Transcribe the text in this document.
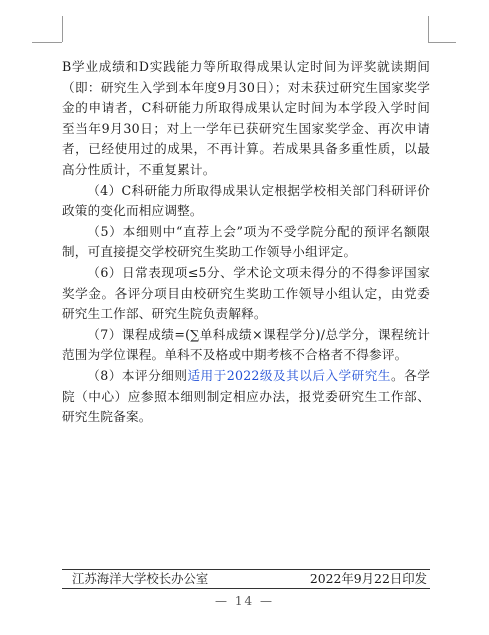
B学业成绩和D实践能力等所取得成果认定时间为评奖就读期间（即：研究生入学到本年度9月30日）；对未获过研究生国家奖学金的申请者，C科研能力所取得成果认定时间为本学段入学时间至当年9月30日；对上一学年已获研究生国家奖学金、再次申请者，已经使用过的成果，不再计算。若成果具备多重性质，以最高分性质计，不重复累计。

（4）C科研能力所取得成果认定根据学校相关部门科研评价政策的变化而相应调整。

（5）本细则中“直荐上会”项为不受学院分配的预评名额限制，可直接提交学校研究生奖助工作领导小组评定。

（6）日常表现项≤5分、学术论文项未得分的不得参评国家奖学金。各评分项目由校研究生奖助工作领导小组认定，由党委研究生工作部、研究生院负责解释。

（7）课程成绩=(∑单科成绩×课程学分)/总学分，课程统计范围为学位课程。单科不及格或中期考核不合格者不得参评。

（8）本评分细则适用于2022级及其以后入学研究生。各学院（中心）应参照本细则制定相应办法，报党委研究生工作部、研究生院备案。

江苏海洋大学校长办公室	2022年9月22日印发
— 14 —
